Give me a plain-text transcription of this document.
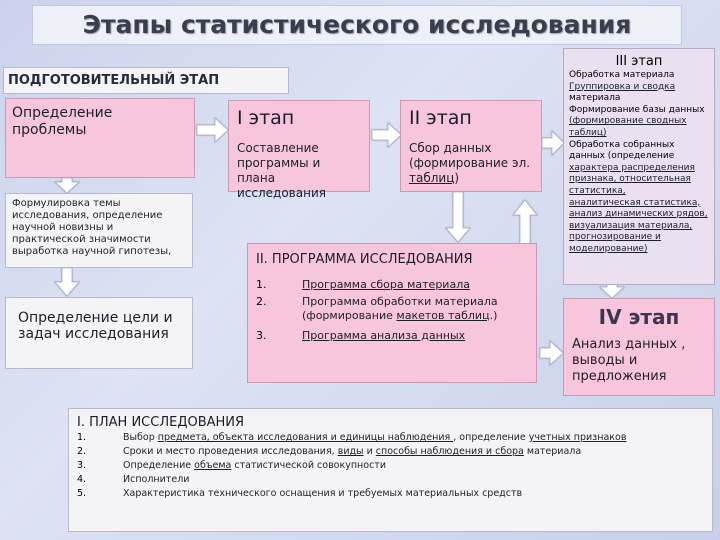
Этапы статистического исследования
ПОДГОТОВИТЕЛЬНЫЙ ЭТАП
Определение проблемы
Формулировка темы исследования, определение научной новизны и практической значимости выработка научной гипотезы,
Определение цели и задач исследования
I этап
Составление программы и плана исследования
II этап
Сбор данных (формирование эл. таблиц)
III этап
Обработка материала
Группировка и сводка
материала
Формирование базы данных
(формирование сводных
таблиц)
Обработка собранных
данных (определение
характера распределения
признака, относительная
статистика,
аналитическая статистика,
анализ динамических рядов,
визуализация материала,
прогнозирование и
моделирование)
II. ПРОГРАММА ИССЛЕДОВАНИЯ
1.	Программа сбора материала
2.	Программа обработки материала
(формирование макетов таблиц.)
3.	Программа анализа данных
IV этап
Анализ данных , выводы и предложения
I. ПЛАН ИССЛЕДОВАНИЯ
1.	Выбор предмета, объекта исследования и единицы наблюдения , определение учетных признаков
2.	Сроки и место проведения исследования, виды и способы наблюдения и сбора материала
3.	Определение объема статистической совокупности
4.	Исполнители
5.	Характеристика технического оснащения и требуемых материальных средств
